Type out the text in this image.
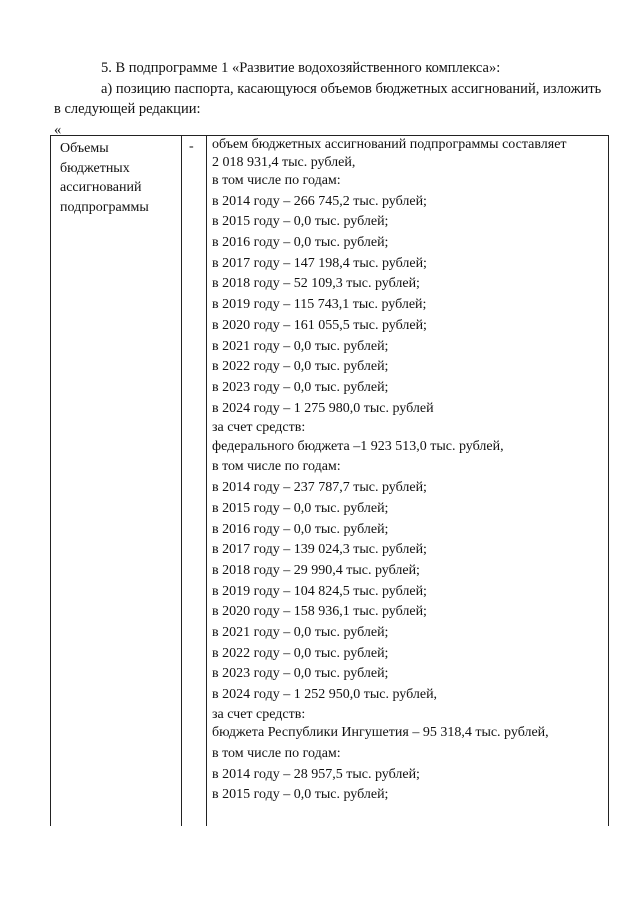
5. В подпрограмме 1 «Развитие водохозяйственного комплекса»:
а) позицию паспорта, касающуюся объемов бюджетных ассигнований, изложить
в следующей редакции:
«
Объемы
бюджетных
ассигнований
подпрограммы
- объем бюджетных ассигнований подпрограммы составляет
2 018 931,4 тыс. рублей,
в том числе по годам:
в 2014 году – 266 745,2 тыс. рублей;
в 2015 году – 0,0 тыс. рублей;
в 2016 году – 0,0 тыс. рублей;
в 2017 году – 147 198,4 тыс. рублей;
в 2018 году – 52 109,3 тыс. рублей;
в 2019 году – 115 743,1 тыс. рублей;
в 2020 году – 161 055,5 тыс. рублей;
в 2021 году – 0,0 тыс. рублей;
в 2022 году – 0,0 тыс. рублей;
в 2023 году – 0,0 тыс. рублей;
в 2024 году – 1 275 980,0 тыс. рублей
за счет средств:
федерального бюджета –1 923 513,0 тыс. рублей,
в том числе по годам:
в 2014 году – 237 787,7 тыс. рублей;
в 2015 году – 0,0 тыс. рублей;
в 2016 году – 0,0 тыс. рублей;
в 2017 году – 139 024,3 тыс. рублей;
в 2018 году – 29 990,4 тыс. рублей;
в 2019 году – 104 824,5 тыс. рублей;
в 2020 году – 158 936,1 тыс. рублей;
в 2021 году – 0,0 тыс. рублей;
в 2022 году – 0,0 тыс. рублей;
в 2023 году – 0,0 тыс. рублей;
в 2024 году – 1 252 950,0 тыс. рублей,
за счет средств:
бюджета Республики Ингушетия – 95 318,4 тыс. рублей,
в том числе по годам:
в 2014 году – 28 957,5 тыс. рублей;
в 2015 году – 0,0 тыс. рублей;
